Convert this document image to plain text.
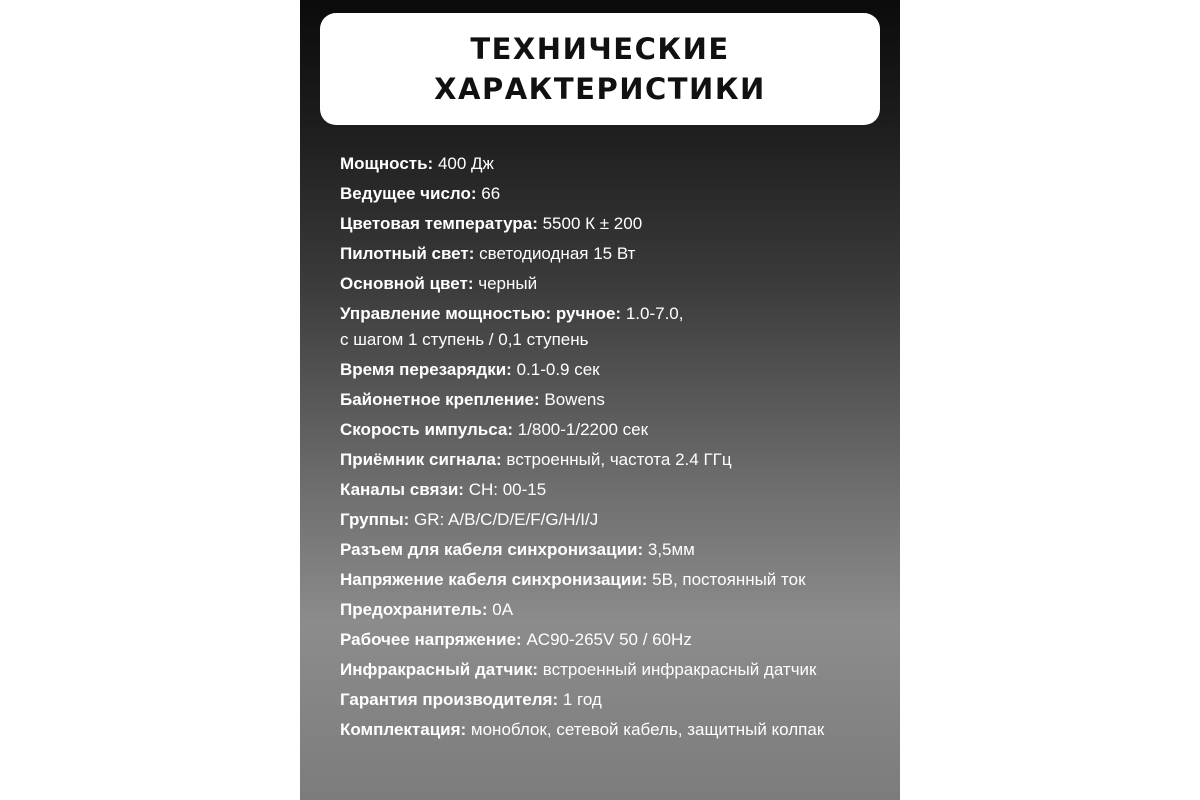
ТЕХНИЧЕСКИЕ
ХАРАКТЕРИСТИКИ
Мощность: 400 Дж
Ведущее число: 66
Цветовая температура: 5500 К ± 200
Пилотный свет: светодиодная 15 Вт
Основной цвет: черный
Управление мощностью: ручное: 1.0-7.0,
с шагом 1 ступень / 0,1 ступень
Время перезарядки: 0.1-0.9 сек
Байонетное крепление: Bowens
Скорость импульса: 1/800-1/2200 сек
Приёмник сигнала: встроенный, частота 2.4 ГГц
Каналы связи: CH: 00-15
Группы: GR: A/B/C/D/E/F/G/H/I/J
Разъем для кабеля синхронизации: 3,5мм
Напряжение кабеля синхронизации: 5В, постоянный ток
Предохранитель: 0А
Рабочее напряжение: AC90-265V 50 / 60Hz
Инфракрасный датчик: встроенный инфракрасный датчик
Гарантия производителя: 1 год
Комплектация: моноблок, сетевой кабель, защитный колпак
